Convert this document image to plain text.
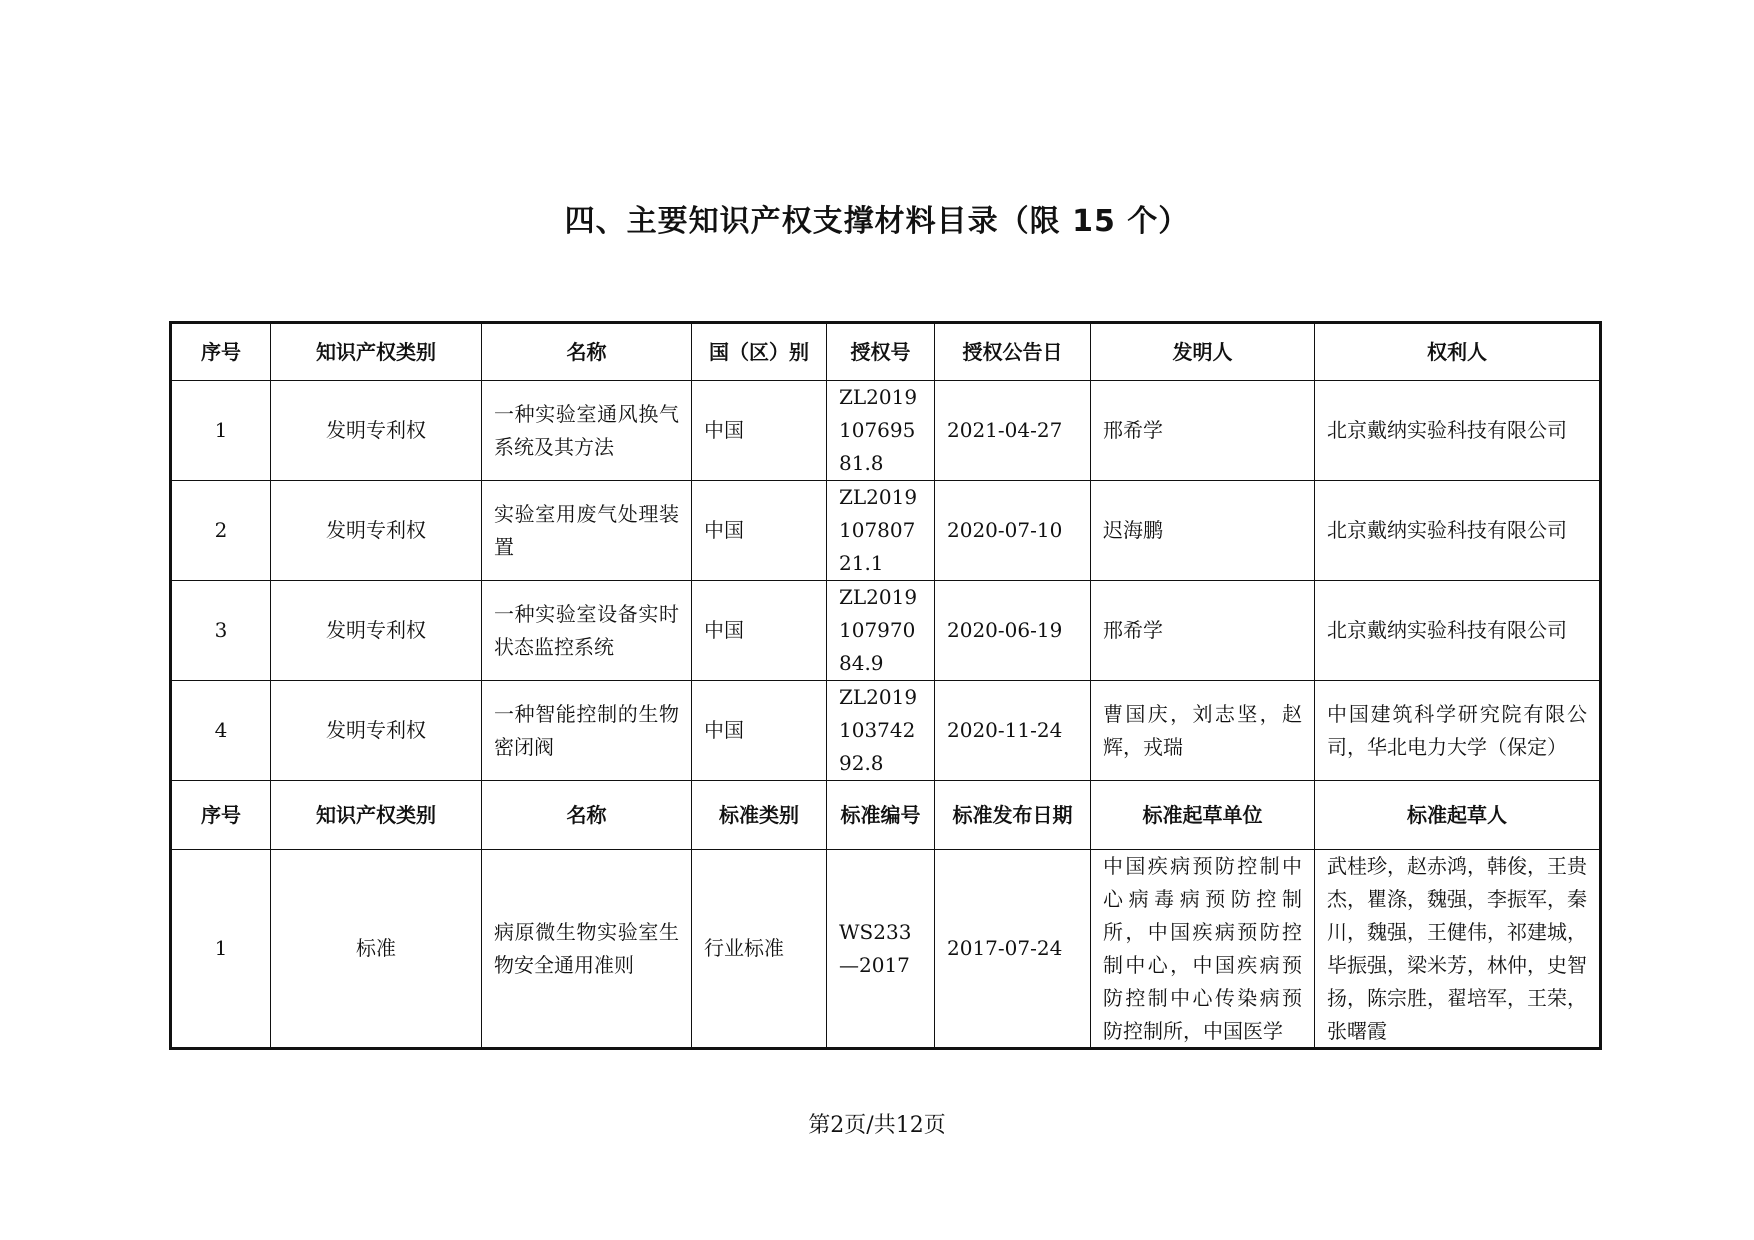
四、主要知识产权支撑材料目录（限 15 个）
序号	知识产权类别	名称	国（区）别	授权号	授权公告日	发明人	权利人
1	发明专利权	一种实验室通风换气系统及其方法	中国	ZL201910769581.8	2021-04-27	邢希学	北京戴纳实验科技有限公司
2	发明专利权	实验室用废气处理装置	中国	ZL201910780721.1	2020-07-10	迟海鹏	北京戴纳实验科技有限公司
3	发明专利权	一种实验室设备实时状态监控系统	中国	ZL201910797084.9	2020-06-19	邢希学	北京戴纳实验科技有限公司
4	发明专利权	一种智能控制的生物密闭阀	中国	ZL201910374292.8	2020-11-24	曹国庆，刘志坚，赵辉，戎瑞	中国建筑科学研究院有限公司，华北电力大学（保定）
序号	知识产权类别	名称	标准类别	标准编号	标准发布日期	标准起草单位	标准起草人
1	标准	病原微生物实验室生物安全通用准则	行业标准	WS233—2017	2017-07-24	中国疾病预防控制中心病毒病预防控制所，中国疾病预防控制中心，中国疾病预防控制中心传染病预防控制所，中国医学	武桂珍，赵赤鸿，韩俊，王贵杰，瞿涤，魏强，李振军，秦川，魏强，王健伟，祁建城，毕振强，梁米芳，林仲，史智扬，陈宗胜，翟培军，王荣，张曙霞
第2页/共12页
